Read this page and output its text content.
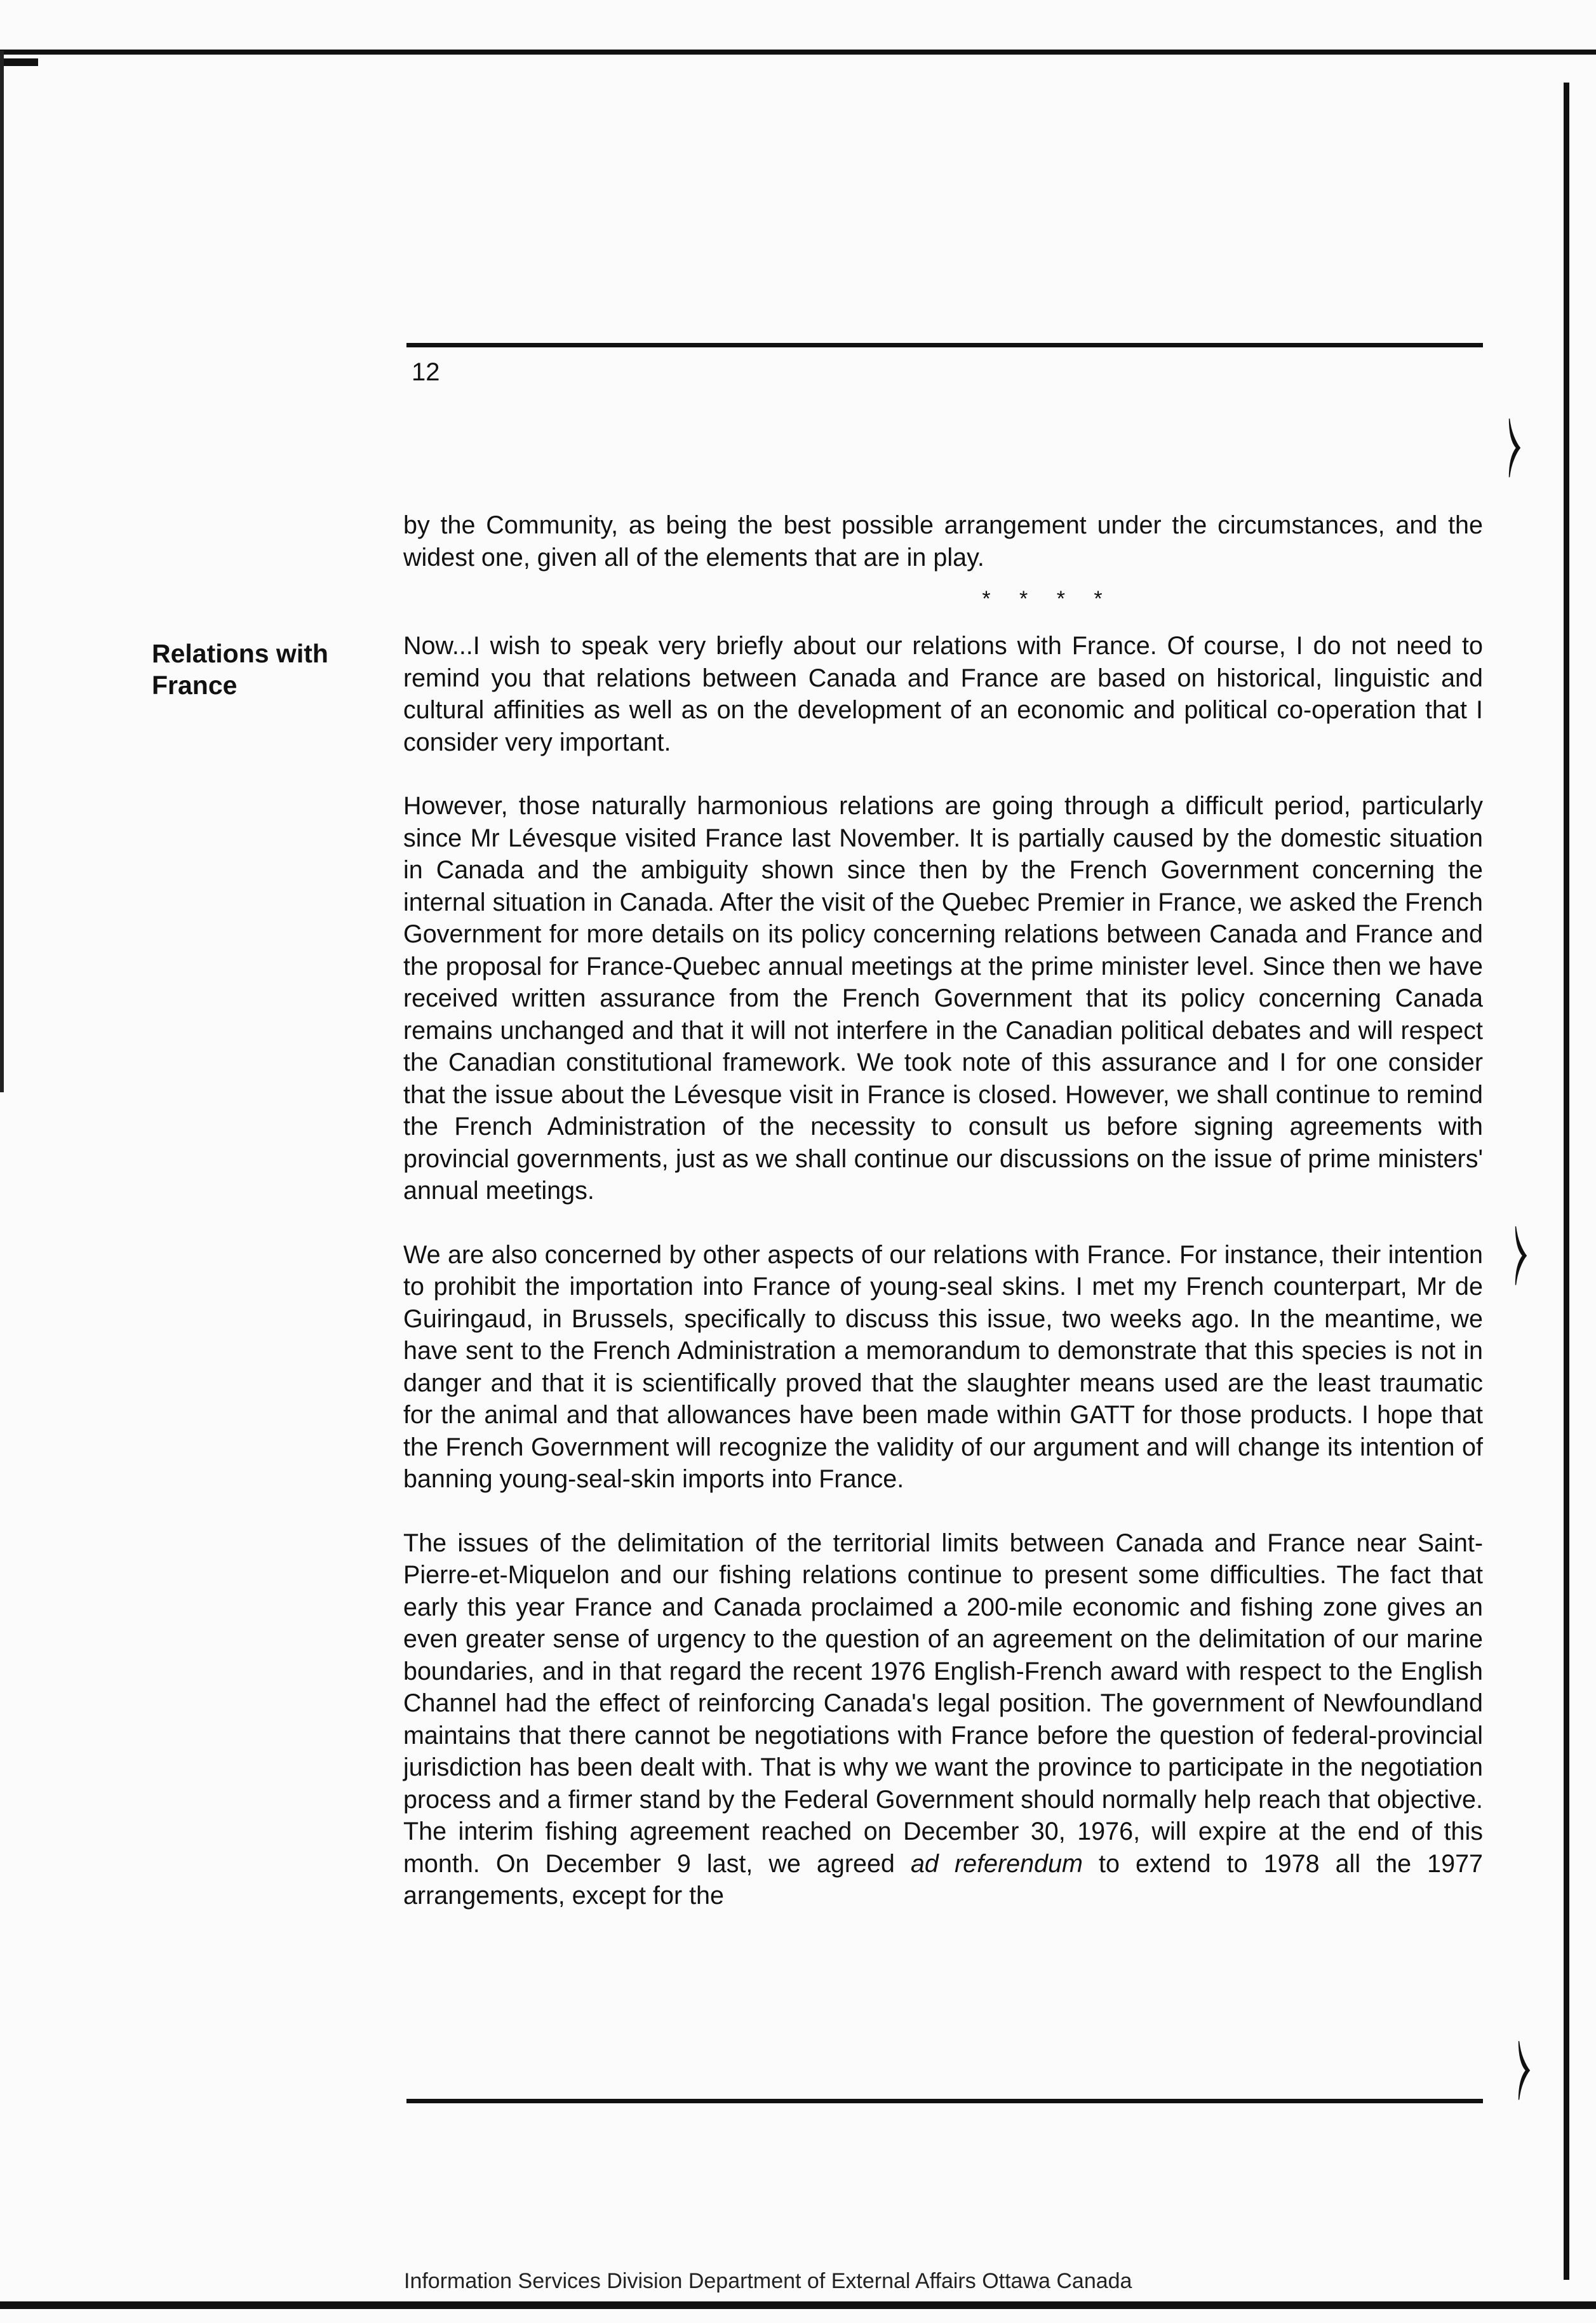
⧽
⧽
⧽

12

Relations with France

by the Community, as being the best possible arrangement under the circumstances, and the widest one, given all of the elements that are in play.

* * * *

Now...I wish to speak very briefly about our relations with France. Of course, I do not need to remind you that relations between Canada and France are based on historical, linguistic and cultural affinities as well as on the development of an economic and political co-operation that I consider very important.

However, those naturally harmonious relations are going through a difficult period, particularly since Mr Lévesque visited France last November. It is partially caused by the domestic situation in Canada and the ambiguity shown since then by the French Government concerning the internal situation in Canada. After the visit of the Quebec Premier in France, we asked the French Government for more details on its policy concerning relations between Canada and France and the proposal for France-Quebec annual meetings at the prime minister level. Since then we have received written assurance from the French Government that its policy concerning Canada remains unchanged and that it will not interfere in the Canadian political debates and will respect the Canadian constitutional framework. We took note of this assurance and I for one consider that the issue about the Lévesque visit in France is closed. However, we shall continue to remind the French Administration of the necessity to consult us before signing agreements with provincial governments, just as we shall continue our discussions on the issue of prime ministers' annual meetings.

We are also concerned by other aspects of our relations with France. For instance, their intention to prohibit the importation into France of young-seal skins. I met my French counterpart, Mr de Guiringaud, in Brussels, specifically to discuss this issue, two weeks ago. In the meantime, we have sent to the French Administration a memorandum to demonstrate that this species is not in danger and that it is scientifically proved that the slaughter means used are the least traumatic for the animal and that allowances have been made within GATT for those products. I hope that the French Government will recognize the validity of our argument and will change its intention of banning young-seal-skin imports into France.

The issues of the delimitation of the territorial limits between Canada and France near Saint-Pierre-et-Miquelon and our fishing relations continue to present some difficulties. The fact that early this year France and Canada proclaimed a 200-mile economic and fishing zone gives an even greater sense of urgency to the question of an agreement on the delimitation of our marine boundaries, and in that regard the recent 1976 English-French award with respect to the English Channel had the effect of reinforcing Canada's legal position. The government of Newfoundland maintains that there cannot be negotiations with France before the question of federal-provincial jurisdiction has been dealt with. That is why we want the province to participate in the negotiation process and a firmer stand by the Federal Government should normally help reach that objective. The interim fishing agreement reached on December 30, 1976, will expire at the end of this month. On December 9 last, we agreed ad referendum to extend to 1978 all the 1977 arrangements, except for the

Information Services Division Department of External Affairs Ottawa Canada
